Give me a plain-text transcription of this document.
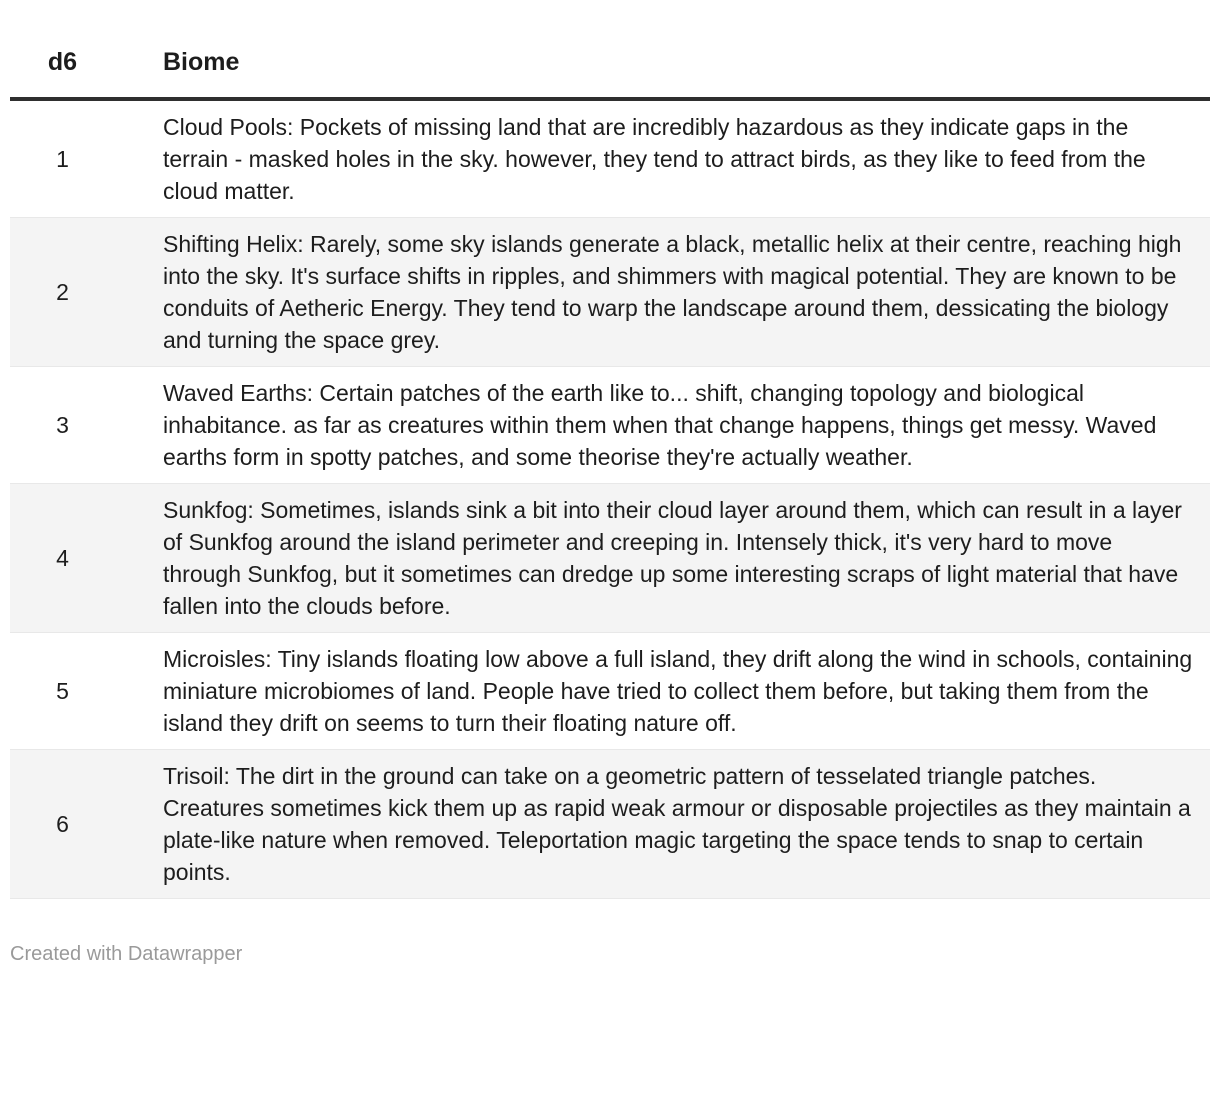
d6	Biome
1	Cloud Pools: Pockets of missing land that are incredibly hazardous as they indicate gaps in the terrain - masked holes in the sky. however, they tend to attract birds, as they like to feed from the cloud matter.
2	Shifting Helix: Rarely, some sky islands generate a black, metallic helix at their centre, reaching high into the sky. It's surface shifts in ripples, and shimmers with magical potential. They are known to be conduits of Aetheric Energy. They tend to warp the landscape around them, dessicating the biology and turning the space grey.
3	Waved Earths: Certain patches of the earth like to... shift, changing topology and biological inhabitance. as far as creatures within them when that change happens, things get messy. Waved earths form in spotty patches, and some theorise they're actually weather.
4	Sunkfog: Sometimes, islands sink a bit into their cloud layer around them, which can result in a layer of Sunkfog around the island perimeter and creeping in. Intensely thick, it's very hard to move through Sunkfog, but it sometimes can dredge up some interesting scraps of light material that have fallen into the clouds before.
5	Microisles: Tiny islands floating low above a full island, they drift along the wind in schools, containing miniature microbiomes of land. People have tried to collect them before, but taking them from the island they drift on seems to turn their floating nature off.
6	Trisoil: The dirt in the ground can take on a geometric pattern of tesselated triangle patches. Creatures sometimes kick them up as rapid weak armour or disposable projectiles as they maintain a plate-like nature when removed. Teleportation magic targeting the space tends to snap to certain points.
Created with Datawrapper
